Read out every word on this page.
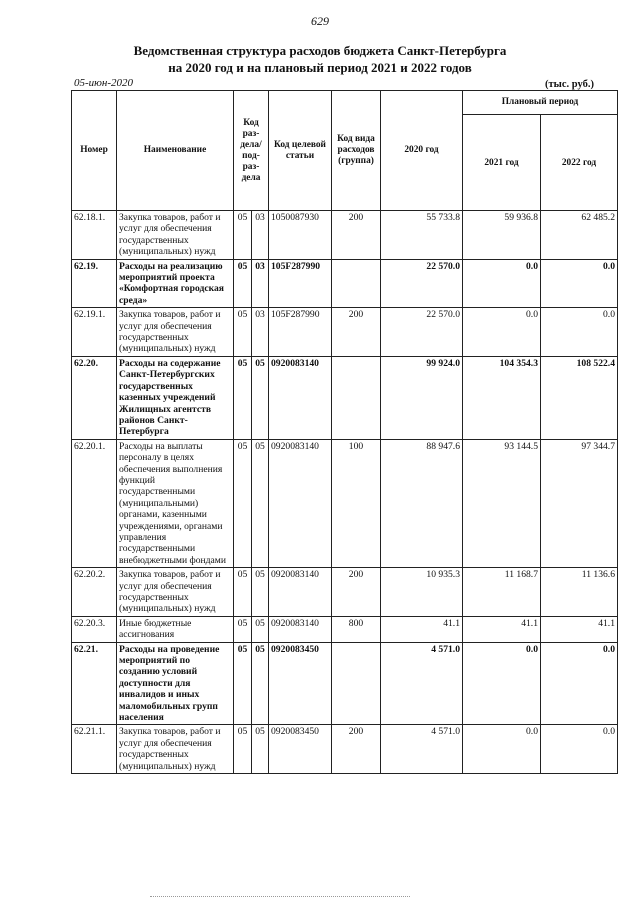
629
Ведомственная структура расходов бюджета Санкт-Петербурга
на 2020 год и на плановый период 2021 и 2022 годов
05-июн-2020	(тыс. руб.)
Номер	Наименование	Код раз-дела/ под-раз-дела		Код целевой статьи	Код вида расходов (группа)	2020 год	Плановый период	
							2021 год	2022 год
62.18.1.	Закупка товаров, работ и услуг для обеспечения государственных (муниципальных) нужд	05	03	1050087930	200	55 733.8	59 936.8	62 485.2
62.19.	Расходы на реализацию мероприятий проекта «Комфортная городская среда»	05	03	105F287990		22 570.0	0.0	0.0
62.19.1.	Закупка товаров, работ и услуг для обеспечения государственных (муниципальных) нужд	05	03	105F287990	200	22 570.0	0.0	0.0
62.20.	Расходы на содержание Санкт-Петербургских государственных казенных учреждений Жилищных агентств районов Санкт-Петербурга	05	05	0920083140		99 924.0	104 354.3	108 522.4
62.20.1.	Расходы на выплаты персоналу в целях обеспечения выполнения функций государственными (муниципальными) органами, казенными учреждениями, органами управления государственными внебюджетными фондами	05	05	0920083140	100	88 947.6	93 144.5	97 344.7
62.20.2.	Закупка товаров, работ и услуг для обеспечения государственных (муниципальных) нужд	05	05	0920083140	200	10 935.3	11 168.7	11 136.6
62.20.3.	Иные бюджетные ассигнования	05	05	0920083140	800	41.1	41.1	41.1
62.21.	Расходы на проведение мероприятий по созданию условий доступности для инвалидов и иных маломобильных групп населения	05	05	0920083450		4 571.0	0.0	0.0
62.21.1.	Закупка товаров, работ и услуг для обеспечения государственных (муниципальных) нужд	05	05	0920083450	200	4 571.0	0.0	0.0
